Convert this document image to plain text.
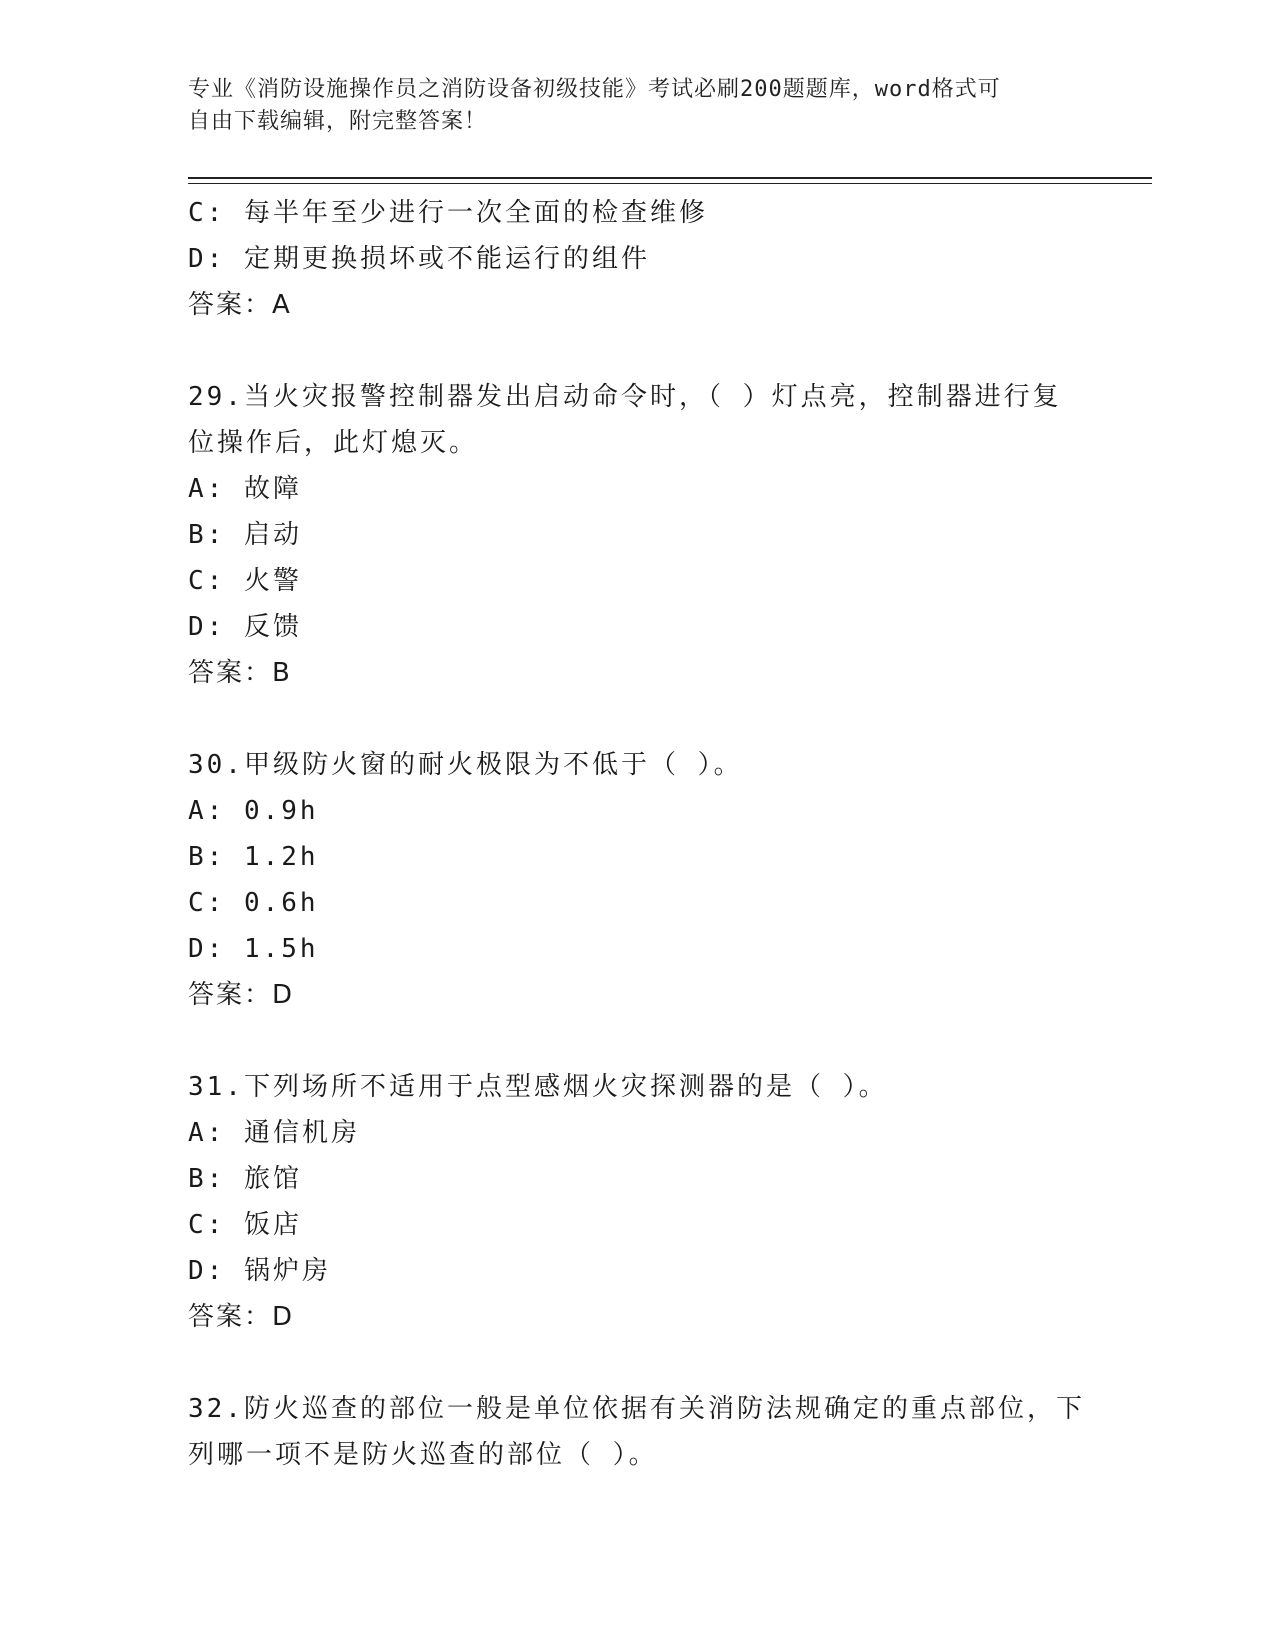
专业《消防设施操作员之消防设备初级技能》考试必刷200题题库，word格式可
自由下载编辑，附完整答案！
C: 每半年至少进行一次全面的检查维修
D: 定期更换损坏或不能运行的组件
答案：A
29.当火灾报警控制器发出启动命令时，（ ）灯点亮，控制器进行复
位操作后，此灯熄灭。
A: 故障
B: 启动
C: 火警
D: 反馈
答案：B
30.甲级防火窗的耐火极限为不低于（ ）。
A: 0.9h
B: 1.2h
C: 0.6h
D: 1.5h
答案：D
31.下列场所不适用于点型感烟火灾探测器的是（ ）。
A: 通信机房
B: 旅馆
C: 饭店
D: 锅炉房
答案：D
32.防火巡查的部位一般是单位依据有关消防法规确定的重点部位，下
列哪一项不是防火巡查的部位（ ）。
